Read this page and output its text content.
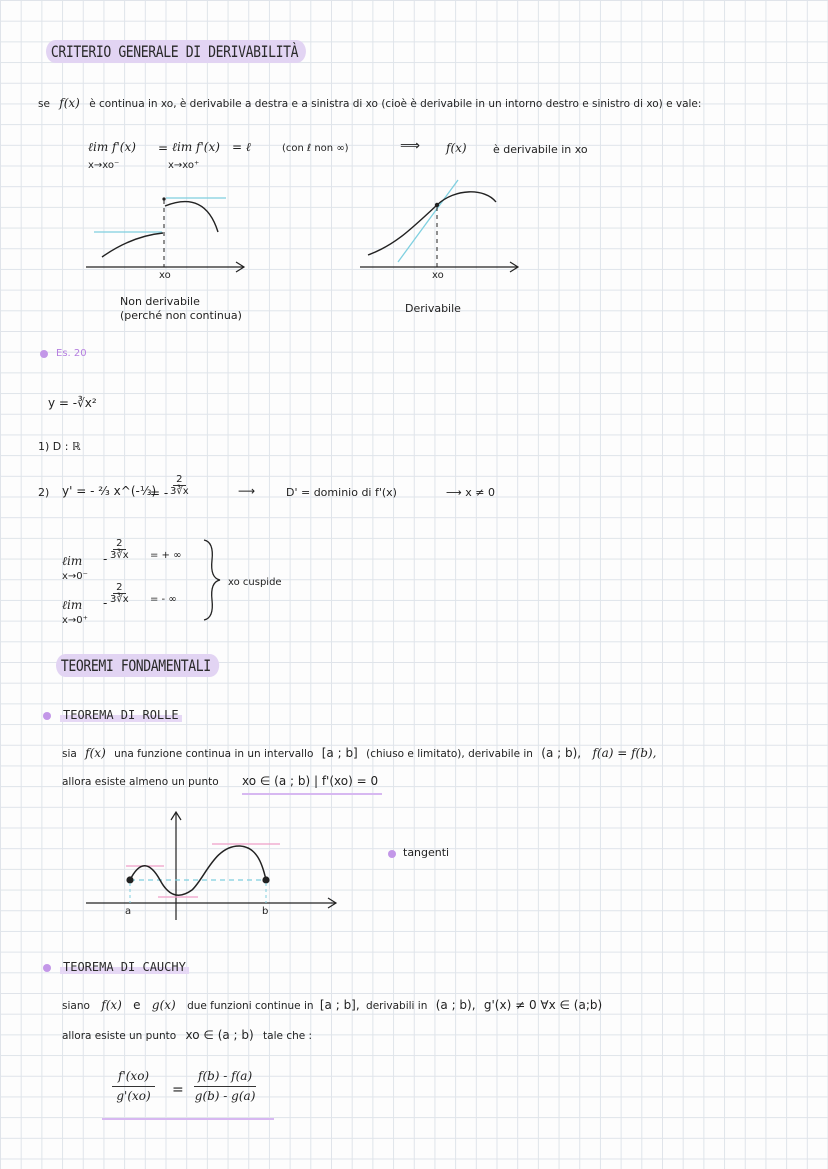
CRITERIO GENERALE DI DERIVABILITÀ
se f(x) è continua in xo, è derivabile a destra e a sinistra di xo (cioè è derivabile in un intorno destro e sinistro di xo) e vale:
ℓim f'(x)
x→xo⁻
= ℓim f'(x)
x→xo⁺
= ℓ	(con ℓ non ∞)	⟹ f(x) è derivabile in xo
xo
Non derivabile
(perché non continua)
xo
Derivabile
Es. 20
y = -∛x²
1) D : ℝ
2) y' = - ²⁄₃ x^(-⅓)
= - $\frac{2}{3∛x}$	⟶	D' = dominio di f'(x)	⟶ x ≠ 0
ℓim
x→0⁻
- $\frac{2}{3∛x}$ = + ∞
ℓim
x→0⁺
- $\frac{2}{3∛x}$ = - ∞
xo cuspide
TEOREMI FONDAMENTALI
TEOREMA DI ROLLE
sia f(x) una funzione continua in un intervallo [a ; b] (chiuso e limitato), derivabile in (a ; b), f(a) = f(b),
allora esiste almeno un punto xo ∈ (a ; b) | f'(xo) = 0
a	b
tangenti
TEOREMA DI CAUCHY
siano f(x) e g(x) due funzioni continue in [a ; b], derivabili in (a ; b), g'(x) ≠ 0 ∀x ∈ (a;b)
allora esiste un punto xo ∈ (a ; b) tale che :
$\frac{f'(xo)}{g'(xo)} = \frac{f(b) - f(a)}{g(b) - g(a)}$
